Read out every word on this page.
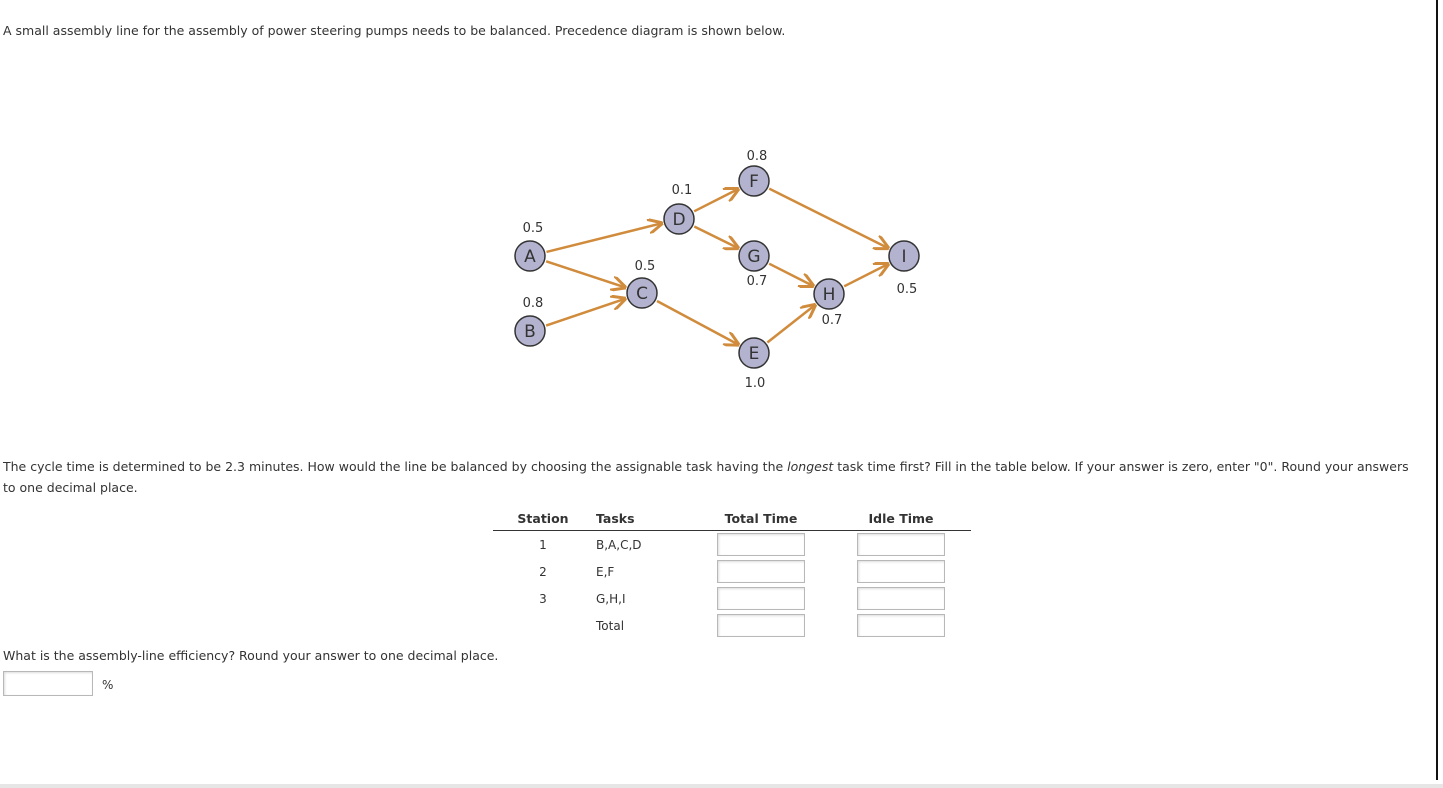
A small assembly line for the assembly of power steering pumps needs to be balanced. Precedence diagram is shown below.
A
0.5
B
0.8	C
0.5
D
0.1
E
1.0
F
0.8
G
0.7
H
0.7
I
0.5
The cycle time is determined to be 2.3 minutes. How would the line be balanced by choosing the assignable task having the longest task time first? Fill in the table below. If your answer is zero, enter "0". Round your answers to one decimal place.
Station	Tasks	Total Time	Idle Time
1	B,A,C,D		
2	E,F		
3	G,H,I		
	Total		
What is the assembly-line efficiency? Round your answer to one decimal place.
%
